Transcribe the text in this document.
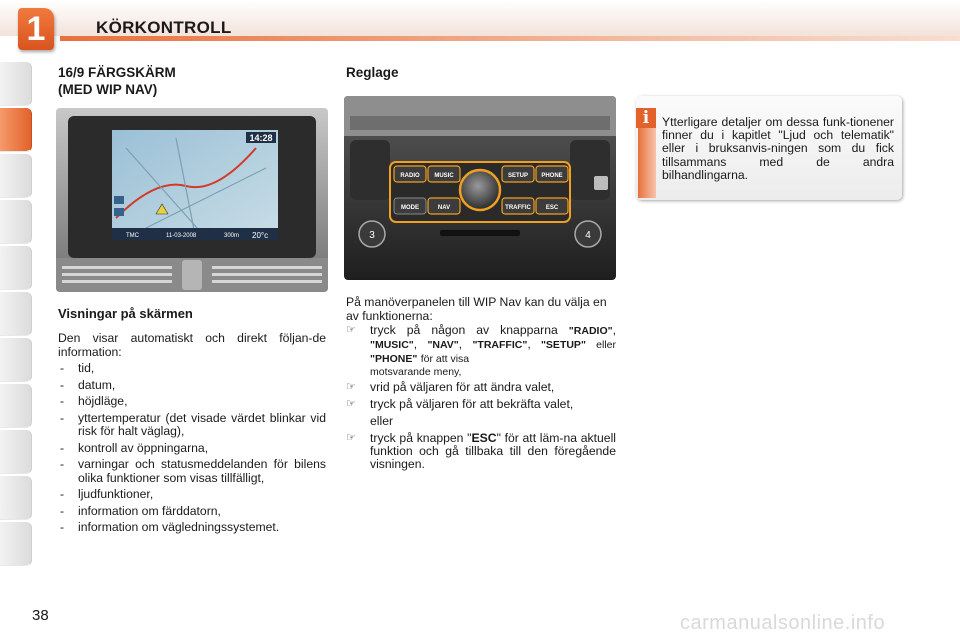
1	KÖRKONTROLL
16/9 FÄRGSKÄRM
(MED WIP NAV)
14:28
TMC	11-03-2008	300m 20°c
Visningar på skärmen
Den visar automatiskt och direkt följan-de information:
- tid,
- datum,
- höjdläge,
- yttertemperatur (det visade värdet blinkar vid risk för halt väglag),
- kontroll av öppningarna,
- varningar och statusmeddelanden för bilens olika funktioner som visas tillfälligt,
- ljudfunktioner,
- information om färddatorn,
- information om vägledningssystemet.
Reglage
3	4
RADIO MUSIC	SETUP PHONE
MODE	NAV	TRAFFIC ESC
På manöverpanelen till WIP Nav kan du välja en av funktionerna:
☞ tryck på någon av knapparna "RADIO", "MUSIC", "NAV", "TRAFFIC", "SETUP" eller "PHONE" för att visa
motsvarande meny,
☞ vrid på väljaren för att ändra valet,
☞ tryck på väljaren för att bekräfta valet,
eller
☞ tryck på knappen "ESC" för att läm-na aktuell funktion och gå tillbaka till den föregående visningen.
i	Ytterligare detaljer om dessa funk-tionener finner du i kapitlet "Ljud och telematik" eller i bruksanvis-ningen som du fick tillsammans med de andra bilhandlingarna.
38	carmanualsonline.info
